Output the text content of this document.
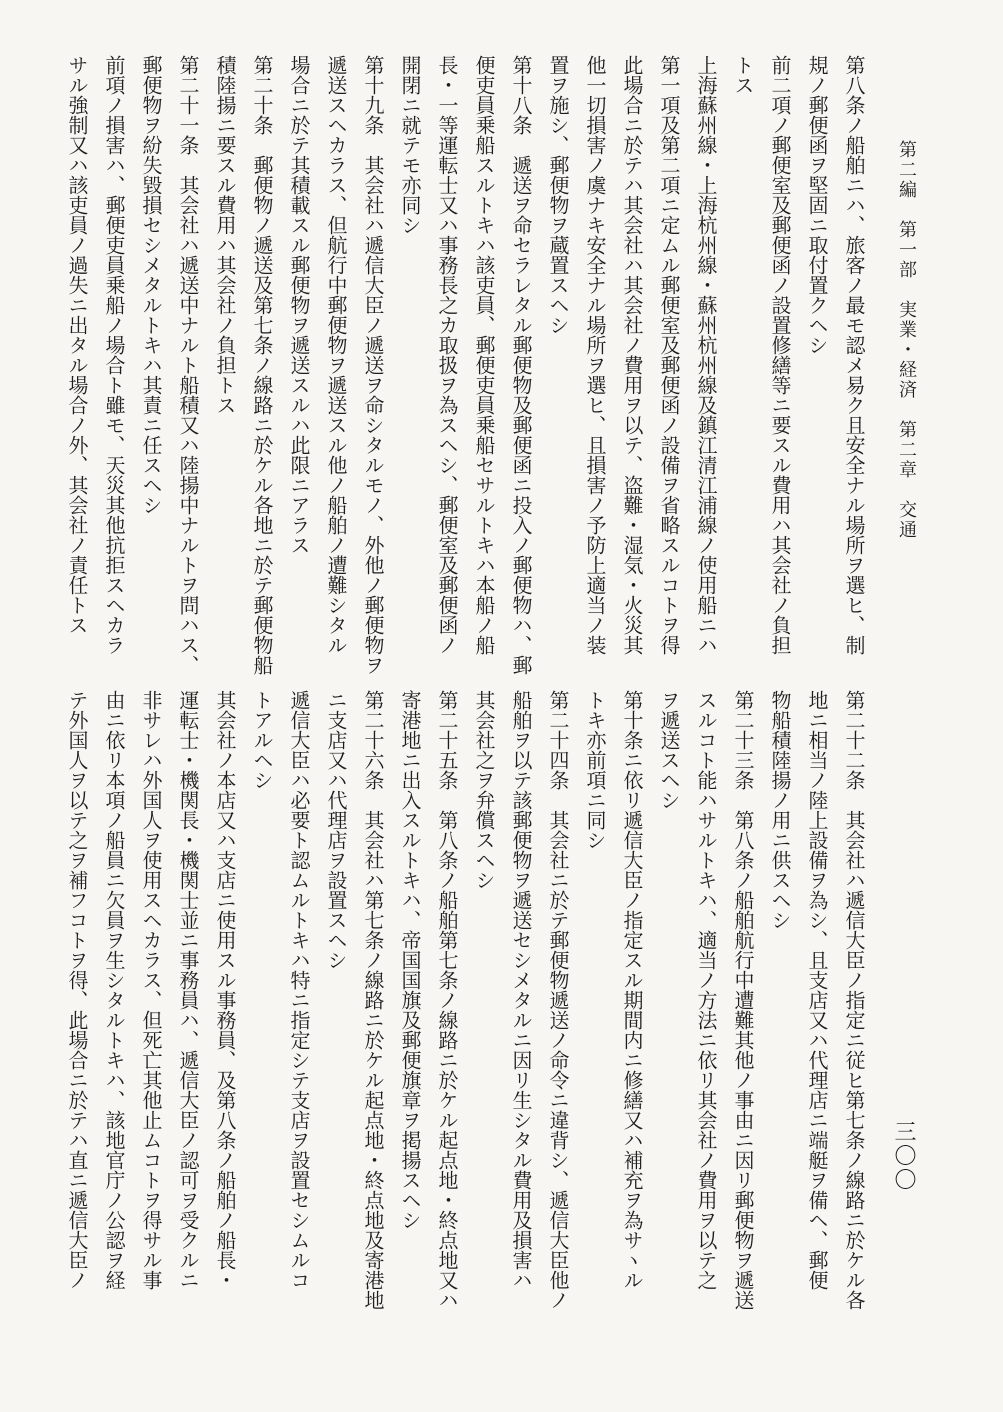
第二編　第一部　実業・経済　第二章　交通
三〇〇
第八条ノ船舶ニハ、旅客ノ最モ認メ易ク且安全ナル場所ヲ選ヒ、制
規ノ郵便函ヲ堅固ニ取付置クヘシ
前二項ノ郵便室及郵便函ノ設置修繕等ニ要スル費用ハ其会社ノ負担
トス
上海蘇州線・上海杭州線・蘇州杭州線及鎮江清江浦線ノ使用船ニハ
第一項及第二項ニ定ムル郵便室及郵便函ノ設備ヲ省略スルコトヲ得
此場合ニ於テハ其会社ハ其会社ノ費用ヲ以テ、盗難・湿気・火災其
他一切損害ノ虞ナキ安全ナル場所ヲ選ヒ、且損害ノ予防上適当ノ装
置ヲ施シ、郵便物ヲ蔵置スヘシ
第十八条　遞送ヲ命セラレタル郵便物及郵便函ニ投入ノ郵便物ハ、郵
便吏員乗船スルトキハ該吏員、郵便吏員乗船セサルトキハ本船ノ船
長・一等運転士又ハ事務長之カ取扱ヲ為スヘシ、郵便室及郵便函ノ
開閉ニ就テモ亦同シ
第十九条　其会社ハ遞信大臣ノ遞送ヲ命シタルモノ、外他ノ郵便物ヲ
遞送スヘカラス、但航行中郵便物ヲ遞送スル他ノ船舶ノ遭難シタル
場合ニ於テ其積載スル郵便物ヲ遞送スルハ此限ニアラス
第二十条　郵便物ノ遞送及第七条ノ線路ニ於ケル各地ニ於テ郵便物船
積陸揚ニ要スル費用ハ其会社ノ負担トス
第二十一条　其会社ハ遞送中ナルト船積又ハ陸揚中ナルトヲ問ハス、
郵便物ヲ紛失毀損セシメタルトキハ其責ニ任スヘシ
前項ノ損害ハ、郵便吏員乗船ノ場合ト雖モ、天災其他抗拒スヘカラ
サル強制又ハ該吏員ノ過失ニ出タル場合ノ外、其会社ノ責任トス
第二十二条　其会社ハ遞信大臣ノ指定ニ従ヒ第七条ノ線路ニ於ケル各
地ニ相当ノ陸上設備ヲ為シ、且支店又ハ代理店ニ端艇ヲ備ヘ、郵便
物船積陸揚ノ用ニ供スヘシ
第二十三条　第八条ノ船舶航行中遭難其他ノ事由ニ因リ郵便物ヲ遞送
スルコト能ハサルトキハ、適当ノ方法ニ依リ其会社ノ費用ヲ以テ之
ヲ遞送スヘシ
第十条ニ依リ遞信大臣ノ指定スル期間内ニ修繕又ハ補充ヲ為サヽル
トキ亦前項ニ同シ
第二十四条　其会社ニ於テ郵便物遞送ノ命令ニ違背シ、遞信大臣他ノ
船舶ヲ以テ該郵便物ヲ遞送セシメタルニ因リ生シタル費用及損害ハ
其会社之ヲ弁償スヘシ
第二十五条　第八条ノ船舶第七条ノ線路ニ於ケル起点地・終点地又ハ
寄港地ニ出入スルトキハ、帝国国旗及郵便旗章ヲ掲揚スヘシ
第二十六条　其会社ハ第七条ノ線路ニ於ケル起点地・終点地及寄港地
ニ支店又ハ代理店ヲ設置スヘシ
遞信大臣ハ必要ト認ムルトキハ特ニ指定シテ支店ヲ設置セシムルコ
トアルヘシ
其会社ノ本店又ハ支店ニ使用スル事務員、及第八条ノ船舶ノ船長・
運転士・機関長・機関士並ニ事務員ハ、遞信大臣ノ認可ヲ受クルニ
非サレハ外国人ヲ使用スヘカラス、但死亡其他止ムコトヲ得サル事
由ニ依リ本項ノ船員ニ欠員ヲ生シタルトキハ、該地官庁ノ公認ヲ経
テ外国人ヲ以テ之ヲ補フコトヲ得、此場合ニ於テハ直ニ遞信大臣ノ
